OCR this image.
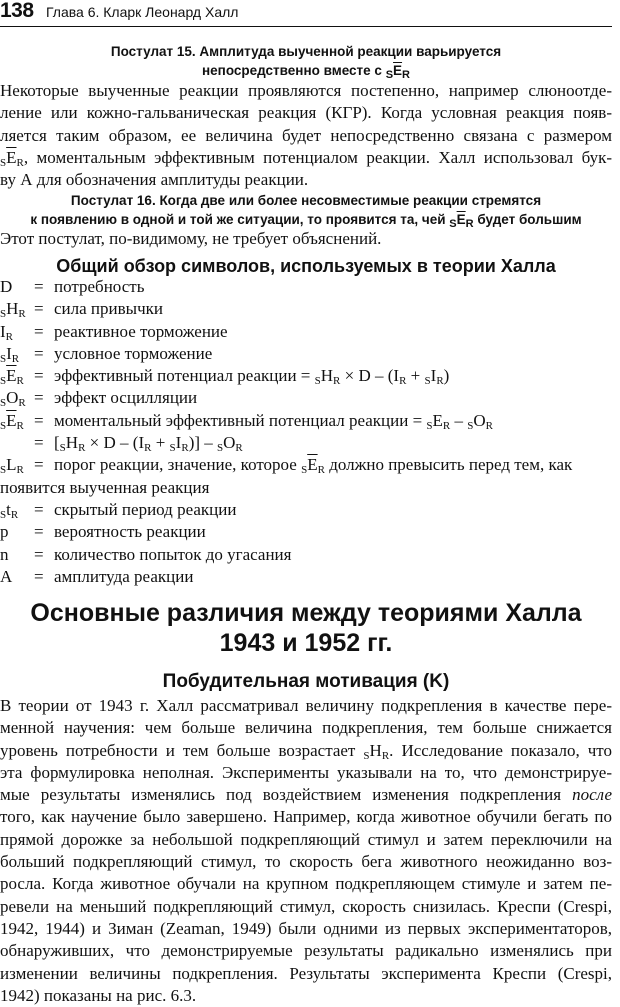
138 Глава 6. Кларк Леонард Халл
Постулат 15. Амплитуда выученной реакции варьируется
непосредственно вместе с $_S\overline{E}_R$
Некоторые выученные реакции проявляются постепенно, например слюноотде-
ление или кожно-гальваническая реакция (КГР). Когда условная реакция появ-
ляется таким образом, ее величина будет непосредственно связана с размером
$S\overline{E}_R$, моментальным эффективным потенциалом реакции. Халл использовал бук-
ву А для обозначения амплитуды реакции.
Постулат 16. Когда две или более несовместимые реакции стремятся
к появлению в одной и той же ситуации, то проявится та, чей $_S\overline{E}_R$ будет большим
Этот постулат, по-видимому, не требует объяснений.
Общий обзор символов, используемых в теории Халла
D	= потребность
$SH_R$ = сила привычки
$I_R$	= реактивное торможение
$SI_R$ = условное торможение
$S\overline{E}_R$ = эффективный потенциал реакции = $SH_R \times D - (I_R + SI_R)$
$SO_R$ = эффект осцилляции
$S\overline{E}_R$ = моментальный эффективный потенциал реакции = $SE_R - SO_R$
= $[SH_R \times D - (I_R + SI_R)] - SO_R$
$SL_R$ = порог реакции, значение, которое $S\overline{E}_R$ должно превысить перед тем, как
появится выученная реакция
$St_R$ = скрытый период реакции
p	= вероятность реакции
n	= количество попыток до угасания
A	= амплитуда реакции
Основные различия между теориями Халла
1943 и 1952 гг.
Побудительная мотивация (K)
В теории от 1943 г. Халл рассматривал величину подкрепления в качестве пере-
менной научения: чем больше величина подкрепления, тем больше снижается
уровень потребности и тем больше возрастает $SH_R$. Исследование показало, что
эта формулировка неполная. Эксперименты указывали на то, что демонстрируе-
мые результаты изменялись под воздействием изменения подкрепления после
того, как научение было завершено. Например, когда животное обучили бегать по
прямой дорожке за небольшой подкрепляющий стимул и затем переключили на
больший подкрепляющий стимул, то скорость бега животного неожиданно воз-
росла. Когда животное обучали на крупном подкрепляющем стимуле и затем пе-
ревели на меньший подкрепляющий стимул, скорость снизилась. Креспи (Crespi,
1942, 1944) и Зиман (Zeaman, 1949) были одними из первых экспериментаторов,
обнаруживших, что демонстрируемые результаты радикально изменялись при
изменении величины подкрепления. Результаты эксперимента Креспи (Crespi,
1942) показаны на рис. 6.3.
